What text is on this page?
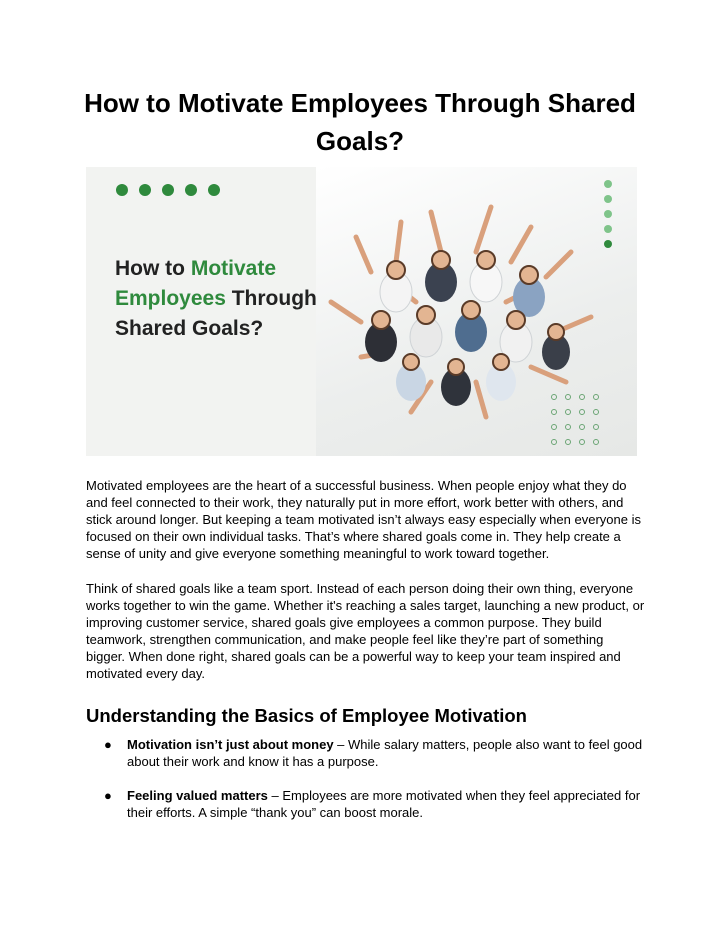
How to Motivate Employees Through Shared Goals?
How to Motivate Employees Through Shared Goals?

Motivated employees are the heart of a successful business. When people enjoy what they do and feel connected to their work, they naturally put in more effort, work better with others, and stick around longer. But keeping a team motivated isn’t always easy especially when everyone is focused on their own individual tasks. That’s where shared goals come in. They help create a sense of unity and give everyone something meaningful to work toward together.

Think of shared goals like a team sport. Instead of each person doing their own thing, everyone works together to win the game. Whether it's reaching a sales target, launching a new product, or improving customer service, shared goals give employees a common purpose. They build teamwork, strengthen communication, and make people feel like they’re part of something bigger. When done right, shared goals can be a powerful way to keep your team inspired and motivated every day.

Understanding the Basics of Employee Motivation
● Motivation isn’t just about money – While salary matters, people also want to feel good about their work and know it has a purpose.
● Feeling valued matters – Employees are more motivated when they feel appreciated for their efforts. A simple “thank you” can boost morale.
